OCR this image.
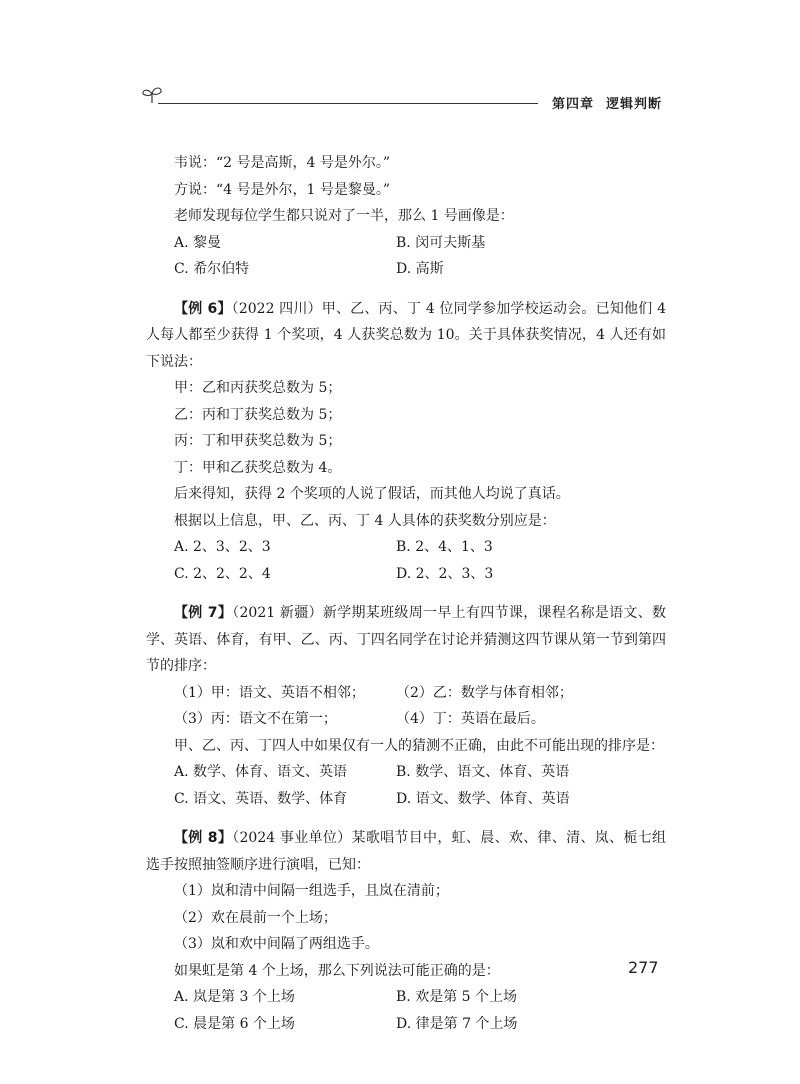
第四章 逻辑判断
韦说：“2 号是高斯，4 号是外尔。”
方说：“4 号是外尔，1 号是黎曼。”
老师发现每位学生都只说对了一半，那么 1 号画像是：
A. 黎曼	B. 闵可夫斯基
C. 希尔伯特	D. 高斯
【例 6】（2022 四川）甲、乙、丙、丁 4 位同学参加学校运动会。已知他们 4 人每人都至少获得 1 个奖项，4 人获奖总数为 10。关于具体获奖情况，4 人还有如下说法：
甲：乙和丙获奖总数为 5；
乙：丙和丁获奖总数为 5；
丙：丁和甲获奖总数为 5；
丁：甲和乙获奖总数为 4。
后来得知，获得 2 个奖项的人说了假话，而其他人均说了真话。
根据以上信息，甲、乙、丙、丁 4 人具体的获奖数分别应是：
A. 2、3、2、3	B. 2、4、1、3
C. 2、2、2、4	D. 2、2、3、3
【例 7】（2021 新疆）新学期某班级周一早上有四节课，课程名称是语文、数学、英语、体育，有甲、乙、丙、丁四名同学在讨论并猜测这四节课从第一节到第四节的排序：
（1）甲：语文、英语不相邻； （2）乙：数学与体育相邻；
（3）丙：语文不在第一；	（4）丁：英语在最后。
甲、乙、丙、丁四人中如果仅有一人的猜测不正确，由此不可能出现的排序是：
A. 数学、体育、语文、英语	B. 数学、语文、体育、英语
C. 语文、英语、数学、体育	D. 语文、数学、体育、英语
【例 8】（2024 事业单位）某歌唱节目中，虹、晨、欢、律、清、岚、栀七组选手按照抽签顺序进行演唱，已知：
（1）岚和清中间隔一组选手，且岚在清前；
（2）欢在晨前一个上场；
（3）岚和欢中间隔了两组选手。
如果虹是第 4 个上场，那么下列说法可能正确的是：
A. 岚是第 3 个上场	B. 欢是第 5 个上场
C. 晨是第 6 个上场	D. 律是第 7 个上场
277
